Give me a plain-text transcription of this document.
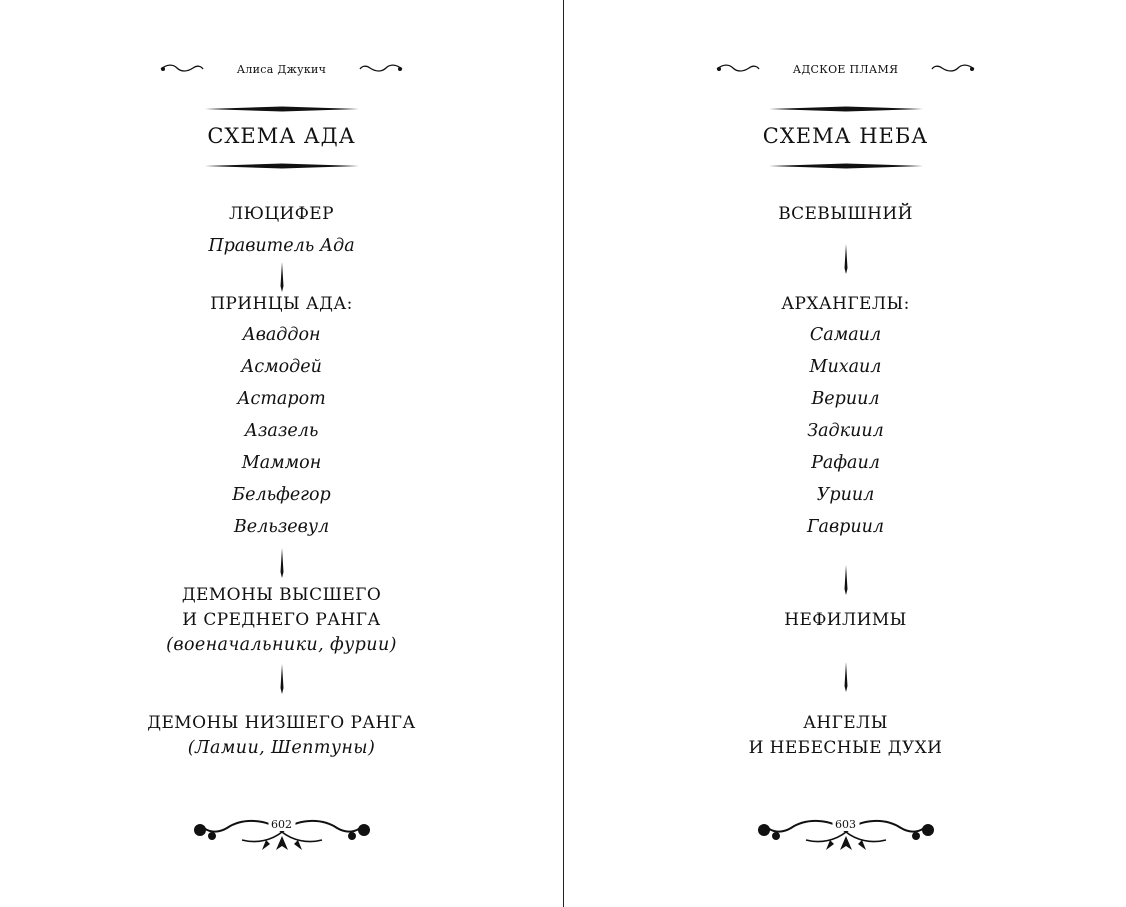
Алиса Джукич
СХЕМА АДА
ЛЮЦИФЕР
Правитель Ада
ПРИНЦЫ АДА:
Аваддон
Асмодей
Астарот
Азазель
Маммон
Бельфегор
Вельзевул
ДЕМОНЫ ВЫСШЕГО
И СРЕДНЕГО РАНГА
(военачальники, фурии)
ДЕМОНЫ НИЗШЕГО РАНГА
(Ламии, Шептуны)
602
АДСКОЕ ПЛАМЯ
СХЕМА НЕБА
ВСЕВЫШНИЙ
АРХАНГЕЛЫ:
Самаил
Михаил
Вериил
Задкиил
Рафаил
Уриил
Гавриил
НЕФИЛИМЫ
АНГЕЛЫ
И НЕБЕСНЫЕ ДУХИ
603
